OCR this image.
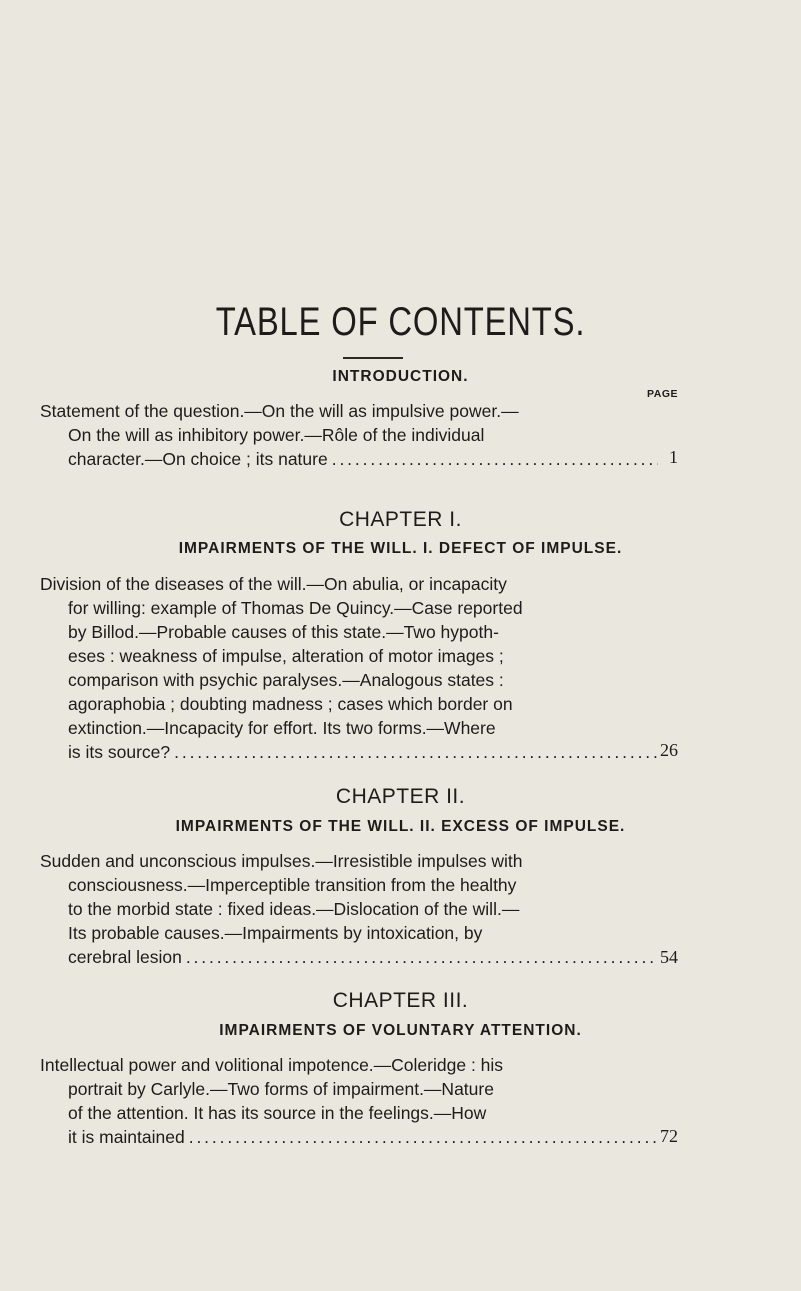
TABLE OF CONTENTS.
INTRODUCTION.
PAGE
Statement of the question.—On the will as impulsive power.—
On the will as inhibitory power.—Rôle of the individual
character.—On choice ; its nature . . .	1
CHAPTER I.
IMPAIRMENTS OF THE WILL. I. DEFECT OF IMPULSE.
Division of the diseases of the will.—On abulia, or incapacity
for willing: example of Thomas De Quincy.—Case reported
by Billod.—Probable causes of this state.—Two hypoth-
eses : weakness of impulse, alteration of motor images ;
comparison with psychic paralyses.—Analogous states :
agoraphobia ; doubting madness ; cases which border on
extinction.—Incapacity for effort. Its two forms.—Where
is its source? . . .	26
CHAPTER II.
IMPAIRMENTS OF THE WILL. II. EXCESS OF IMPULSE.
Sudden and unconscious impulses.—Irresistible impulses with
consciousness.—Imperceptible transition from the healthy
to the morbid state : fixed ideas.—Dislocation of the will.—
Its probable causes.—Impairments by intoxication, by
cerebral lesion . . .	54
CHAPTER III.
IMPAIRMENTS OF VOLUNTARY ATTENTION.
Intellectual power and volitional impotence.—Coleridge : his
portrait by Carlyle.—Two forms of impairment.—Nature
of the attention. It has its source in the feelings.—How
it is maintained . . .	72
